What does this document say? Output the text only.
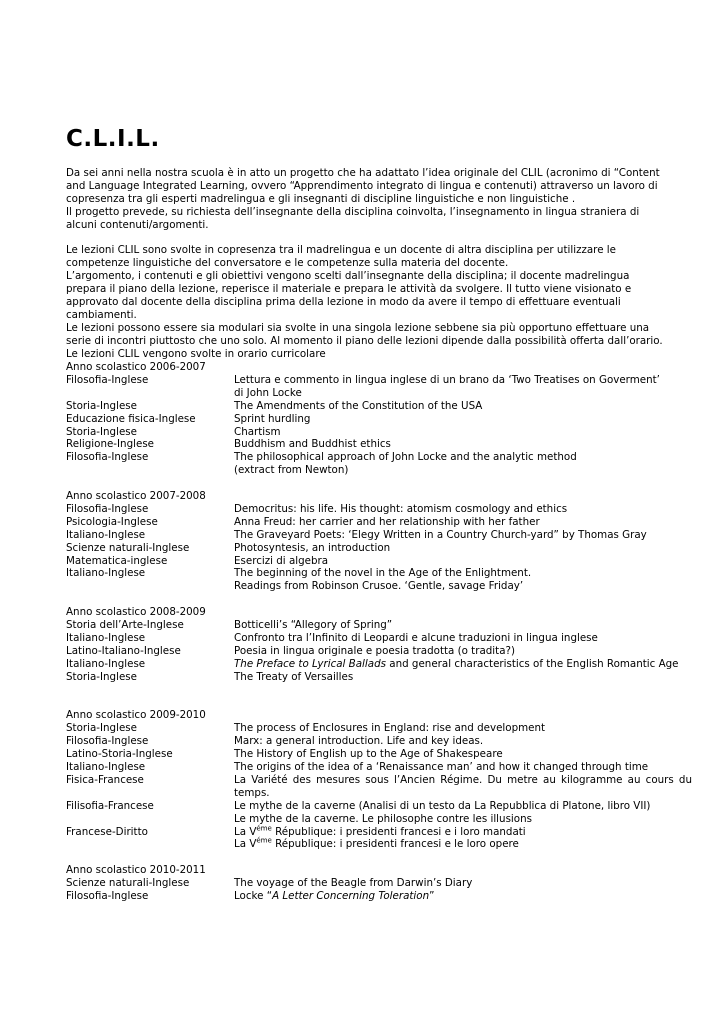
C.L.I.L.

Da sei anni nella nostra scuola è in atto un progetto che ha adattato l’idea originale del CLIL (acronimo di “Content and Language Integrated Learning, ovvero “Apprendimento integrato di lingua e contenuti) attraverso un lavoro di copresenza tra gli esperti madrelingua e gli insegnanti di discipline linguistiche e non linguistiche .

Il progetto prevede, su richiesta dell’insegnante della disciplina coinvolta, l’insegnamento in lingua straniera di alcuni contenuti/argomenti.

Le lezioni CLIL sono svolte in copresenza tra il madrelingua e un docente di altra disciplina per utilizzare le competenze linguistiche del conversatore e le competenze sulla materia del docente.

L’argomento, i contenuti e gli obiettivi vengono scelti dall’insegnante della disciplina; il docente madrelingua prepara il piano della lezione, reperisce il materiale e prepara le attività da svolgere. Il tutto viene visionato e approvato dal docente della disciplina prima della lezione in modo da avere il tempo di effettuare eventuali cambiamenti.

Le lezioni possono essere sia modulari sia svolte in una singola lezione sebbene sia più opportuno effettuare una serie di incontri piuttosto che uno solo. Al momento il piano delle lezioni dipende dalla possibilità offerta dall’orario.

Le lezioni CLIL vengono svolte in orario curricolare

Anno scolastico 2006-2007

Filosofia-Inglese	Lettura e commento in lingua inglese di un brano da ‘Two Treatises on Goverment’
di John Locke
Storia-Inglese	The Amendments of the Constitution of the USA
Educazione fisica-Inglese	Sprint hurdling
Storia-Inglese	Chartism
Religione-Inglese	Buddhism and Buddhist ethics
Filosofia-Inglese	The philosophical approach of John Locke and the analytic method
(extract from Newton)

Anno scolastico 2007-2008

Filosofia-Inglese	Democritus: his life. His thought: atomism cosmology and ethics
Psicologia-Inglese	Anna Freud: her carrier and her relationship with her father
Italiano-Inglese	The Graveyard Poets: ‘Elegy Written in a Country Church-yard” by Thomas Gray
Scienze naturali-Inglese	Photosyntesis, an introduction
Matematica-inglese	Esercizi di algebra
Italiano-Inglese	The beginning of the novel in the Age of the Enlightment.
Readings from Robinson Crusoe. ‘Gentle, savage Friday’

Anno scolastico 2008-2009

Storia dell’Arte-Inglese	Botticelli’s “Allegory of Spring”
Italiano-Inglese	Confronto tra l’Infinito di Leopardi e alcune traduzioni in lingua inglese
Latino-Italiano-Inglese	Poesia in lingua originale e poesia tradotta (o tradita?)
Italiano-Inglese	The Preface to Lyrical Ballads and general characteristics of the English Romantic Age
Storia-Inglese	The Treaty of Versailles

Anno scolastico 2009-2010

Storia-Inglese	The process of Enclosures in England: rise and development
Filosofia-Inglese	Marx: a general introduction. Life and key ideas.
Latino-Storia-Inglese	The History of English up to the Age of Shakespeare
Italiano-Inglese	The origins of the idea of a ‘Renaissance man’ and how it changed through time
Fisica-Francese	La Variété des mesures sous l’Ancien Régime. Du metre au kilogramme au cours du
temps.
Filisofia-Francese	Le mythe de la caverne (Analisi di un testo da La Repubblica di Platone, libro VII)
Le mythe de la caverne. Le philosophe contre les illusions
Francese-Diritto	La $V^{éme}$ République: i presidenti francesi e i loro mandati
La $V^{éme}$ République: i presidenti francesi e le loro opere

Anno scolastico 2010-2011

Scienze naturali-Inglese	The voyage of the Beagle from Darwin’s Diary
Filosofia-Inglese	Locke “A Letter Concerning Toleration”
